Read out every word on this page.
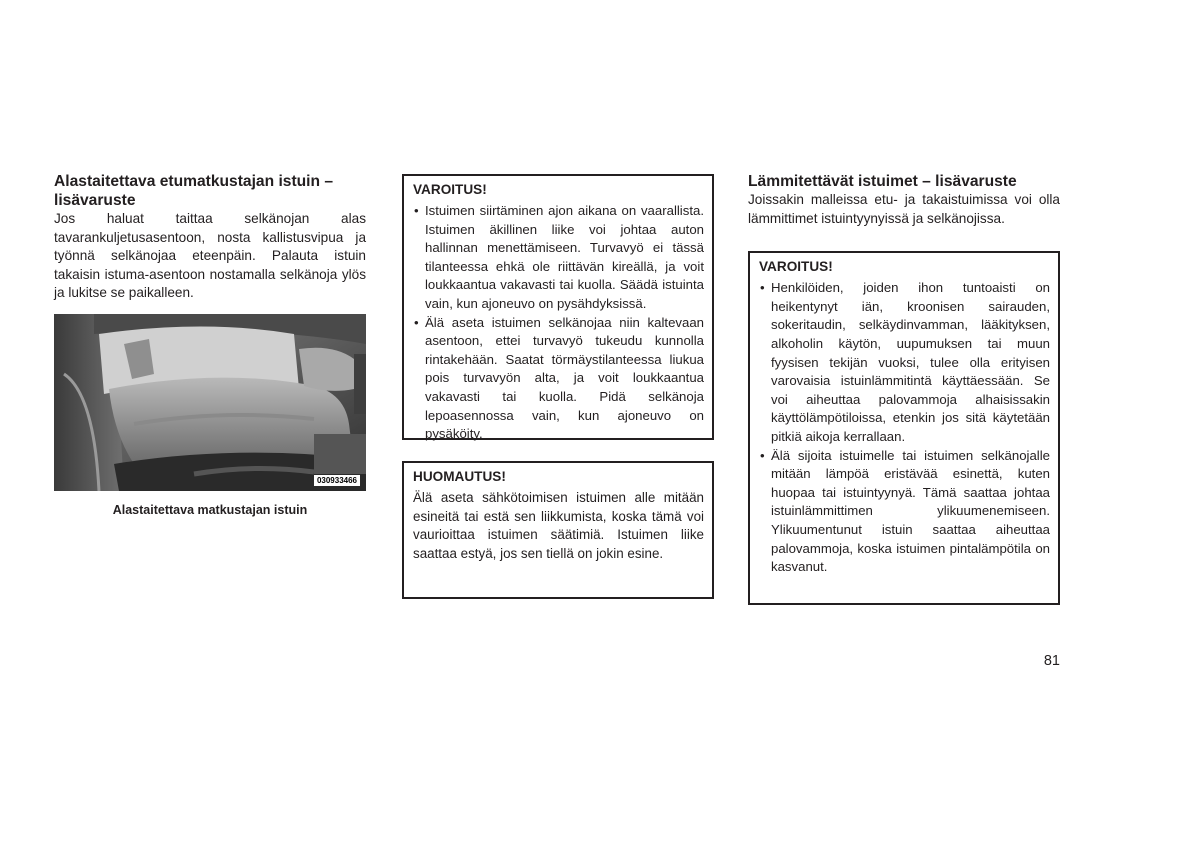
Alastaitettava etumatkustajan istuin – lisävaruste

Jos haluat taittaa selkänojan alas tavarankuljetusasentoon, nosta kallistusvipua ja työnnä selkänojaa eteenpäin. Palauta istuin takaisin istuma-asentoon nostamalla selkänoja ylös ja lukitse se paikalleen.

030933466
Alastaitettava matkustajan istuin
VAROITUS!
• Istuimen siirtäminen ajon aikana on vaarallista. Istuimen äkillinen liike voi johtaa auton hallinnan menettämiseen. Turvavyö ei tässä tilanteessa ehkä ole riittävän kireällä, ja voit loukkaantua vakavasti tai kuolla. Säädä istuinta vain, kun ajoneuvo on pysähdyksissä.
• Älä aseta istuimen selkänojaa niin kaltevaan asentoon, ettei turvavyö tukeudu kunnolla rintakehään. Saatat törmäystilanteessa liukua pois turvavyön alta, ja voit loukkaantua vakavasti tai kuolla. Pidä selkänoja lepoasennossa vain, kun ajoneuvo on pysäköity.
HUOMAUTUS!

Älä aseta sähkötoimisen istuimen alle mitään esineitä tai estä sen liikkumista, koska tämä voi vaurioittaa istuimen säätimiä. Istuimen liike saattaa estyä, jos sen tiellä on jokin esine.

Lämmitettävät istuimet – lisävaruste

Joissakin malleissa etu- ja takaistuimissa voi olla lämmittimet istuintyynyissä ja selkänojissa.

VAROITUS!
• Henkilöiden, joiden ihon tuntoaisti on heikentynyt iän, kroonisen sairauden, sokeritaudin, selkäydinvamman, lääkityksen, alkoholin käytön, uupumuksen tai muun fyysisen tekijän vuoksi, tulee olla erityisen varovaisia istuinlämmitintä käyttäessään. Se voi aiheuttaa palovammoja alhaisissakin käyttölämpötiloissa, etenkin jos sitä käytetään pitkiä aikoja kerrallaan.
• Älä sijoita istuimelle tai istuimen selkänojalle mitään lämpöä eristävää esinettä, kuten huopaa tai istuintyynyä. Tämä saattaa johtaa istuinlämmittimen ylikuumenemiseen. Ylikuumentunut istuin saattaa aiheuttaa palovammoja, koska istuimen pintalämpötila on kasvanut.
81
